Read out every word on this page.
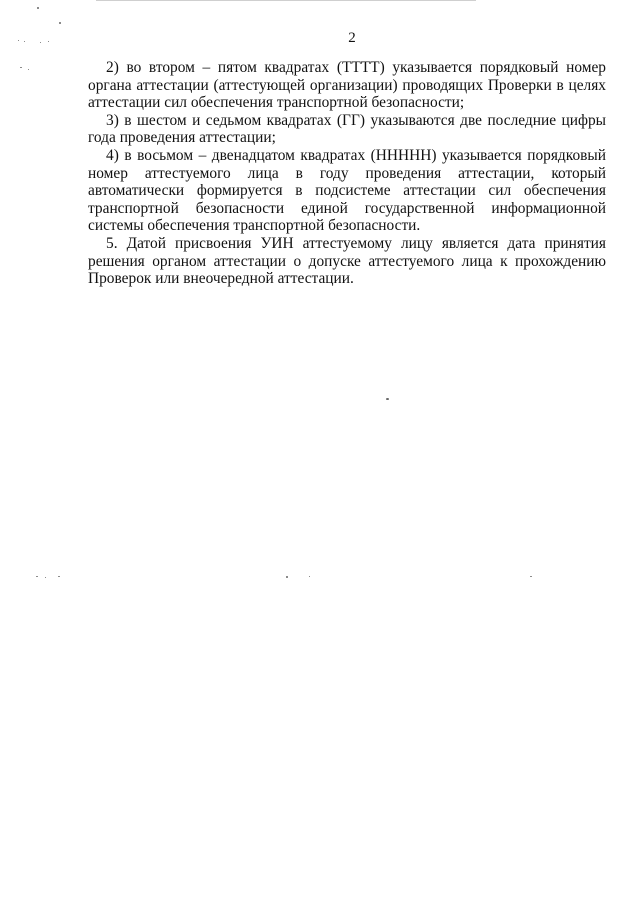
2

2) во втором – пятом квадратах (ТТТТ) указывается порядковый номер органа аттестации (аттестующей организации) проводящих Проверки в целях аттестации сил обеспечения транспортной безопасности;

3) в шестом и седьмом квадратах (ГГ) указываются две последние цифры года проведения аттестации;

4) в восьмом – двенадцатом квадратах (ННННН) указывается порядковый номер аттестуемого лица в году проведения аттестации, который автоматически формируется в подсистеме аттестации сил обеспечения транспортной безопасности единой государственной информационной системы обеспечения транспортной безопасности.

5. Датой присвоения УИН аттестуемому лицу является дата принятия решения органом аттестации о допуске аттестуемого лица к прохождению Проверок или внеочередной аттестации.
